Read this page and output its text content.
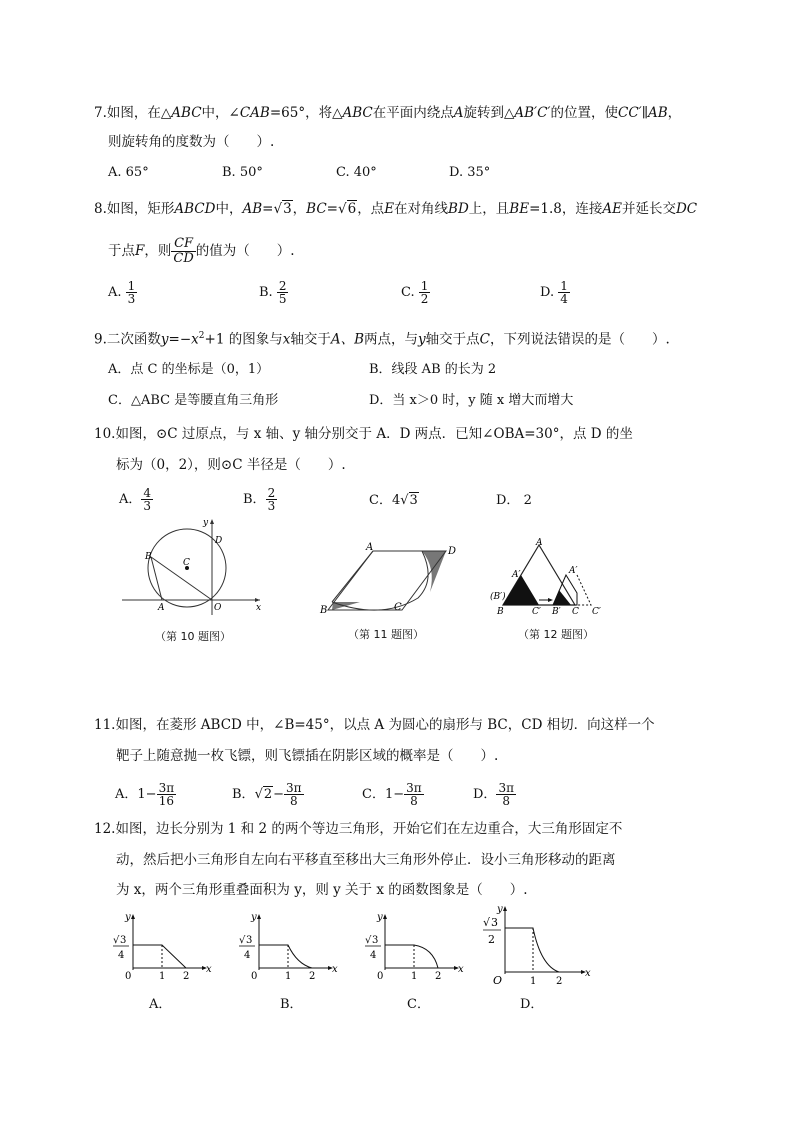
7.如图，在△ABC中，∠CAB=65°，将△ABC在平面内绕点A旋转到△AB′C′的位置，使CC′∥AB，
则旋转角的度数为（　　）.
A. 65°	B. 50°	C. 40°	D. 35°
8.如图，矩形ABCD中，AB=√3，BC=√6，点E在对角线BD上，且BE=1.8，连接AE并延长交DC
于点F，则 $\frac{CF}{CD}$ 的值为（　　）.
A. $\frac{1}{3}$	B. $\frac{2}{5}$	C. $\frac{1}{2}$	D. $\frac{1}{4}$
9.二次函数$y=-x^2+1$ 的图象与x轴交于A、B两点，与y轴交于点C，下列说法错误的是（　　）.
A．点 C 的坐标是（0，1）	B．线段 AB 的长为 2
C．△ABC 是等腰直角三角形	D．当 x＞0 时，y 随 x 增大而增大
10.如图，⊙C 过原点，与 x 轴、y 轴分别交于 A．D 两点．已知∠OBA=30°，点 D 的坐
标为（0，2），则⊙C 半径是（　　）.
A． $\frac{4}{3}$	B． $\frac{2}{3}$	C．4√3	D． 2
B
C
D
A	O	x
y
（第 10 题图）
A	D
B	C
（第 11 题图）
A
A′	A′
(B′)
B	C′ B′ C C′
（第 12 题图）
11.如图，在菱形 ABCD 中，∠B=45°，以点 A 为圆心的扇形与 BC，CD 相切．向这样一个
靶子上随意抛一枚飞镖，则飞镖插在阴影区域的概率是（　　）.
A．$1- \frac{3\pi}{16}$	B．$√2- \frac{3\pi}{8}$	C．$1- \frac{3\pi}{8}$	D． $\frac{3\pi}{8}$
12.如图，边长分别为 1 和 2 的两个等边三角形，开始它们在左边重合，大三角形固定不
动，然后把小三角形自左向右平移直至移出大三角形外停止．设小三角形移动的距离
为 x，两个三角形重叠面积为 y，则 y 关于 x 的函数图象是（　　）.
√ 3
4
0	1 2
x
y
A．
√ 3
4
0	1 2
x
y
B．
√ 3
4
0	1 2
x
y
C．
√ 3
2
O	1 2
x
y
D．
